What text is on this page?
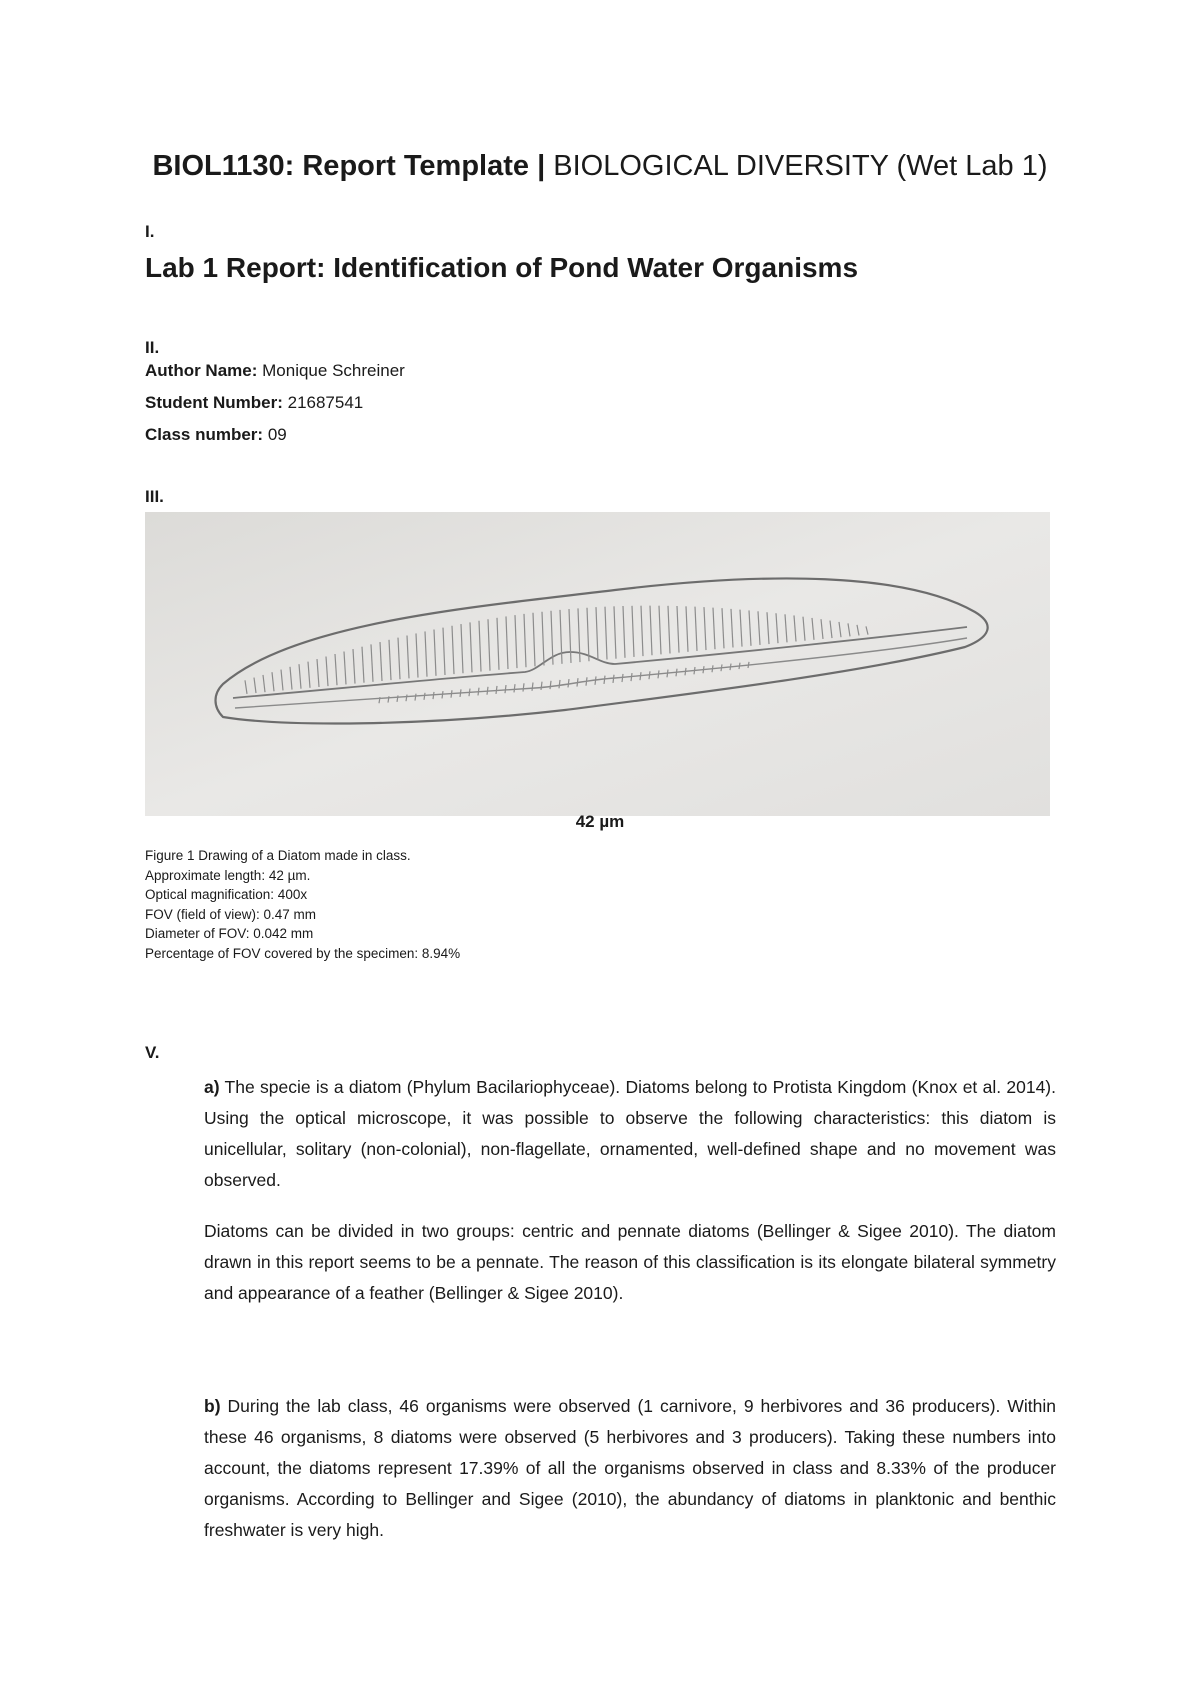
BIOL1130: Report Template | BIOLOGICAL DIVERSITY (Wet Lab 1)
I.
Lab 1 Report: Identification of Pond Water Organisms
II.
Author Name: Monique Schreiner
Student Number: 21687541
Class number: 09
III.
42 µm
Figure 1 Drawing of a Diatom made in class.
Approximate length: 42 µm.
Optical magnification: 400x
FOV (field of view): 0.47 mm
Diameter of FOV: 0.042 mm
Percentage of FOV covered by the specimen: 8.94%
V.
a) The specie is a diatom (Phylum Bacilariophyceae). Diatoms belong to Protista Kingdom (Knox et al. 2014). Using the optical microscope, it was possible to observe the following characteristics: this diatom is unicellular, solitary (non-colonial), non-flagellate, ornamented, well-defined shape and no movement was observed.
Diatoms can be divided in two groups: centric and pennate diatoms (Bellinger & Sigee 2010). The diatom drawn in this report seems to be a pennate. The reason of this classification is its elongate bilateral symmetry and appearance of a feather (Bellinger & Sigee 2010).
b) During the lab class, 46 organisms were observed (1 carnivore, 9 herbivores and 36 producers). Within these 46 organisms, 8 diatoms were observed (5 herbivores and 3 producers). Taking these numbers into account, the diatoms represent 17.39% of all the organisms observed in class and 8.33% of the producer organisms. According to Bellinger and Sigee (2010), the abundancy of diatoms in planktonic and benthic freshwater is very high.
